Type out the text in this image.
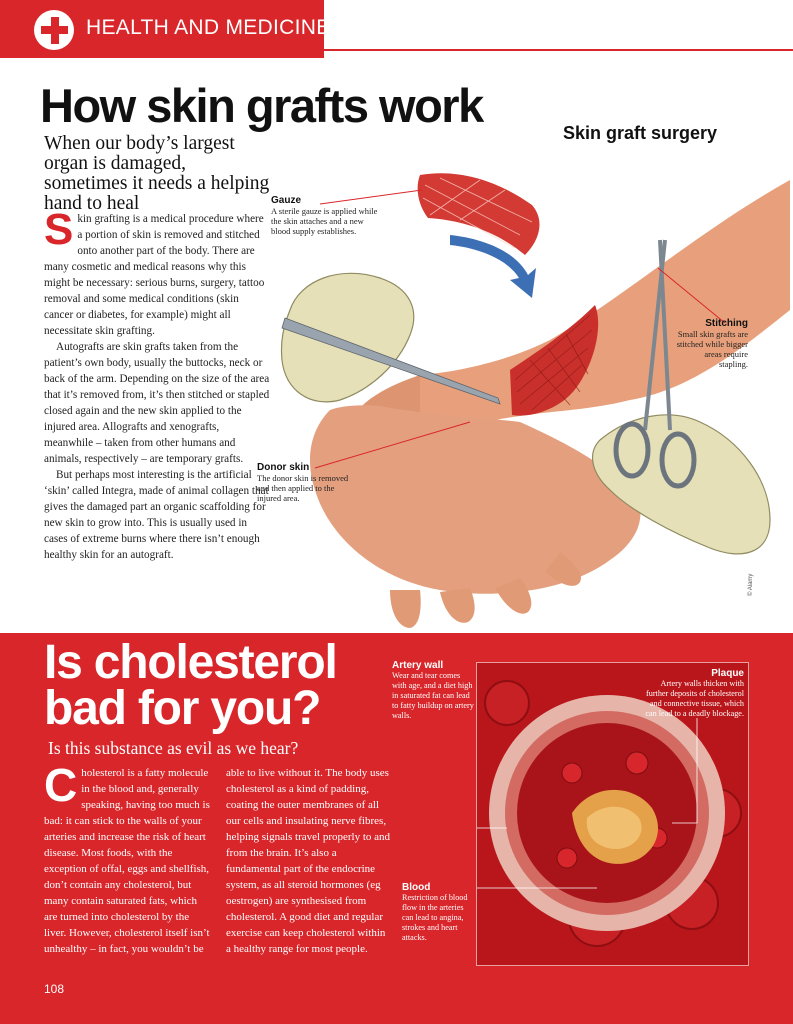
HEALTH AND MEDICINE
How skin grafts work
When our body’s largest organ is damaged, sometimes it needs a helping hand to heal

Skin grafting is a medical procedure where a portion of skin is removed and stitched onto another part of the body. There are many cosmetic and medical reasons why this might be necessary: serious burns, surgery, tattoo removal and some medical conditions (skin cancer or diabetes, for example) might all necessitate skin grafting.

Autografts are skin grafts taken from the patient’s own body, usually the buttocks, neck or back of the arm. Depending on the size of the area that it’s removed from, it’s then stitched or stapled closed again and the new skin applied to the injured area. Allografts and xenografts, meanwhile – taken from other humans and animals, respectively – are temporary grafts.

But perhaps most interesting is the artificial ‘skin’ called Integra, made of animal collagen that gives the damaged part an organic scaffolding for new skin to grow into. This is usually used in cases of extreme burns where there isn’t enough healthy skin for an autograft.

Skin graft surgery
Gauze
A sterile gauze is applied while the skin attaches and a new blood supply establishes.
Donor skin
The donor skin is removed and then applied to the injured area.
Stitching
Small skin grafts are stitched while bigger areas require stapling.
© Alamy
Is cholesterol bad for you?
Is this substance as evil as we hear?
Cholesterol is a fatty molecule in the blood and, generally speaking, having too much is bad: it can stick to the walls of your arteries and increase the risk of heart disease. Most foods, with the exception of offal, eggs and shellfish, don’t contain any cholesterol, but many contain saturated fats, which are turned into cholesterol by the liver. However, cholesterol itself isn’t unhealthy – in fact, you wouldn’t be
able to live without it. The body uses cholesterol as a kind of padding, coating the outer membranes of all our cells and insulating nerve fibres, helping signals travel properly to and from the brain. It’s also a fundamental part of the endocrine system, as all steroid hormones (eg oestrogen) are synthesised from cholesterol. A good diet and regular exercise can keep cholesterol within a healthy range for most people.
Artery wall
Wear and tear comes with age, and a diet high in saturated fat can lead to fatty buildup on artery walls.
Plaque
Artery walls thicken with further deposits of cholesterol and connective tissue, which can lead to a deadly blockage.
Blood
Restriction of blood flow in the arteries can lead to angina, strokes and heart attacks.
108
